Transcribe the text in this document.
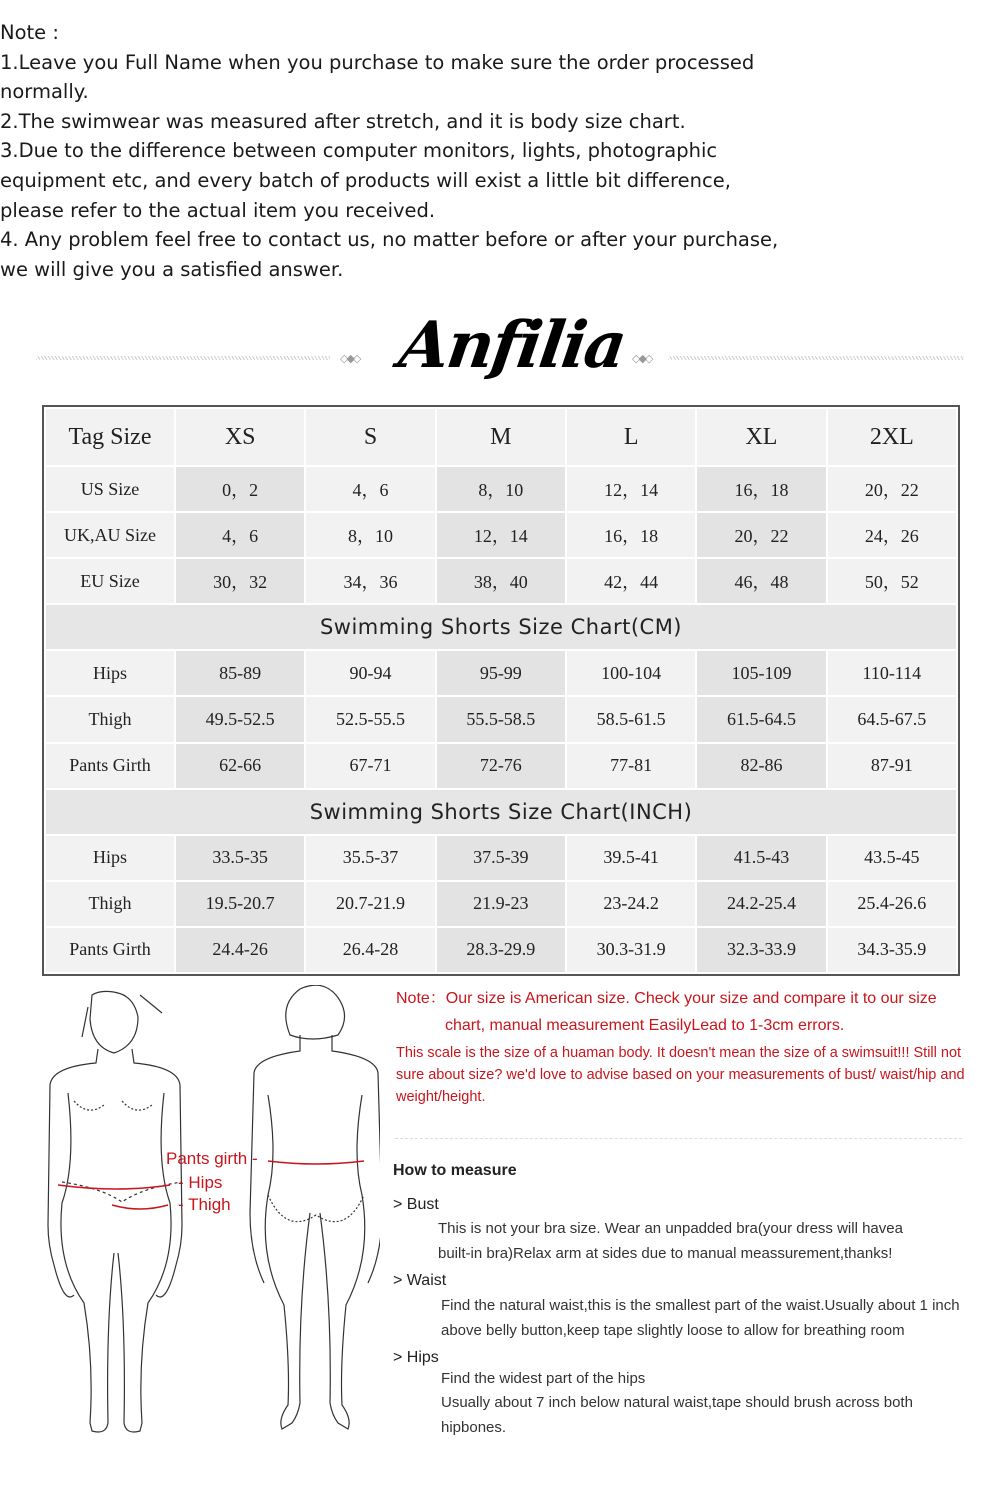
Note :
1.Leave you Full Name when you purchase to make sure the order processed normally.
2.The swimwear was measured after stretch, and it is body size chart.
3.Due to the difference between computer monitors, lights, photographic equipment etc, and every batch of products will exist a little bit difference, please refer to the actual item you received.
4. Any problem feel free to contact us, no matter before or after your purchase, we will give you a satisfied answer.
◇◆◇ Anfilia ◇◆◇
Tag Size	XS	S	M	L	XL	2XL
US Size	0，2	4，6	8，10	12，14	16，18	20，22
UK,AU Size	4，6	8，10	12，14	16，18	20，22	24，26
EU Size	30，32	34，36	38，40	42，44	46，48	50，52
Swimming Shorts Size Chart(CM)						
Hips	85-89	90-94	95-99	100-104	105-109	110-114
Thigh	49.5-52.5	52.5-55.5	55.5-58.5	58.5-61.5	61.5-64.5	64.5-67.5
Pants Girth	62-66	67-71	72-76	77-81	82-86	87-91
Swimming Shorts Size Chart(INCH)						
Hips	33.5-35	35.5-37	37.5-39	39.5-41	41.5-43	43.5-45
Thigh	19.5-20.7	20.7-21.9	21.9-23	23-24.2	24.2-25.4	25.4-26.6
Pants Girth	24.4-26	26.4-28	28.3-29.9	30.3-31.9	32.3-33.9	34.3-35.9
Pants girth -
- Hips
- Thigh
Note：Our size is American size. Check your size and compare it to our size
chart, manual measurement EasilyLead to 1-3cm errors.
This scale is the size of a huaman body. It doesn't mean the size of a swimsuit!!! Still not sure about size? we'd love to advise based on your measurements of bust/ waist/hip and weight/height.
How to measure
> Bust
This is not your bra size. Wear an unpadded bra(your dress will havea built-in bra)Relax arm at sides due to manual meassurement,thanks!
> Waist
Find the natural waist,this is the smallest part of the waist.Usually about 1 inch above belly button,keep tape slightly loose to allow for breathing room
> Hips
Find the widest part of the hips
Usually about 7 inch below natural waist,tape should brush across both hipbones.
